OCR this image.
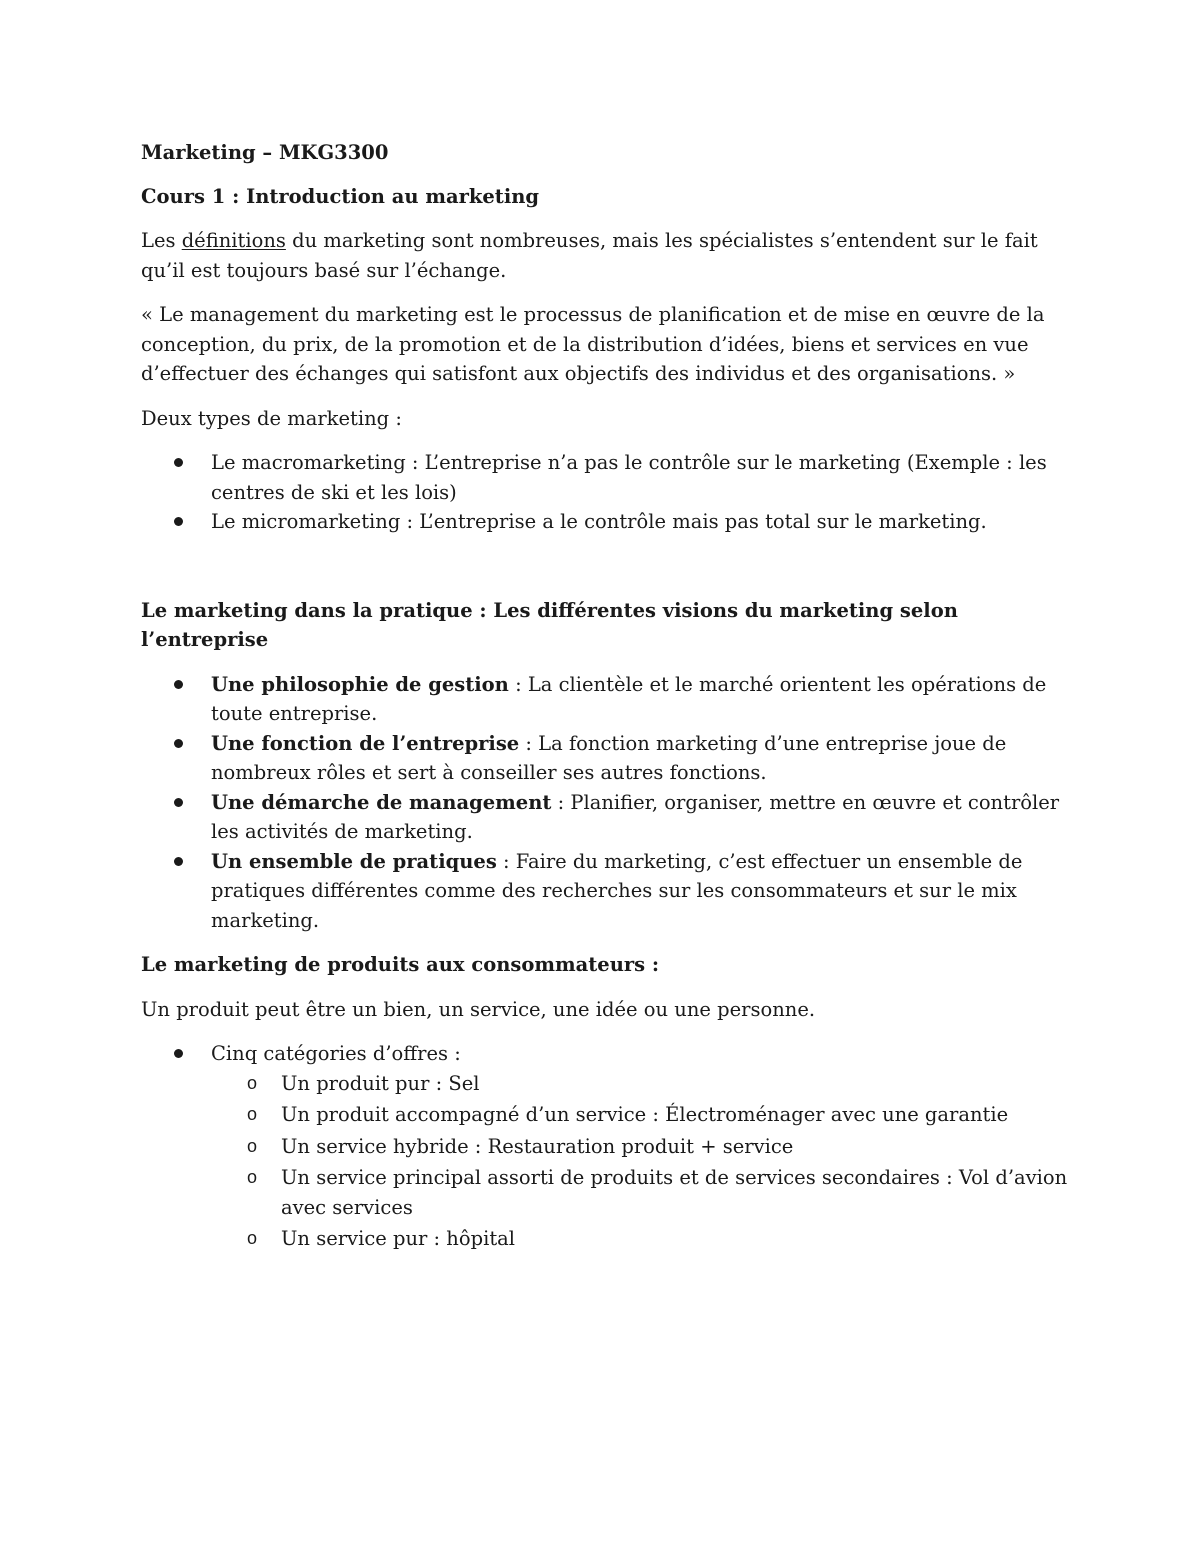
Marketing – MKG3300
Cours 1 : Introduction au marketing
Les définitions du marketing sont nombreuses, mais les spécialistes s’entendent sur le fait qu’il est toujours basé sur l’échange.
« Le management du marketing est le processus de planification et de mise en œuvre de la conception, du prix, de la promotion et de la distribution d’idées, biens et services en vue d’effectuer des échanges qui satisfont aux objectifs des individus et des organisations. »
Deux types de marketing :
Le macromarketing : L’entreprise n’a pas le contrôle sur le marketing (Exemple : les centres de ski et les lois)
Le micromarketing : L’entreprise a le contrôle mais pas total sur le marketing.
Le marketing dans la pratique : Les différentes visions du marketing selon l’entreprise
Une philosophie de gestion : La clientèle et le marché orientent les opérations de toute entreprise.
Une fonction de l’entreprise : La fonction marketing d’une entreprise joue de nombreux rôles et sert à conseiller ses autres fonctions.
Une démarche de management : Planifier, organiser, mettre en œuvre et contrôler les activités de marketing.
Un ensemble de pratiques : Faire du marketing, c’est effectuer un ensemble de pratiques différentes comme des recherches sur les consommateurs et sur le mix marketing.
Le marketing de produits aux consommateurs :
Un produit peut être un bien, un service, une idée ou une personne.
Cinq catégories d’offres :
o Un produit pur : Sel
o Un produit accompagné d’un service : Électroménager avec une garantie
o Un service hybride : Restauration produit + service
o Un service principal assorti de produits et de services secondaires : Vol d’avion avec services
o Un service pur : hôpital
